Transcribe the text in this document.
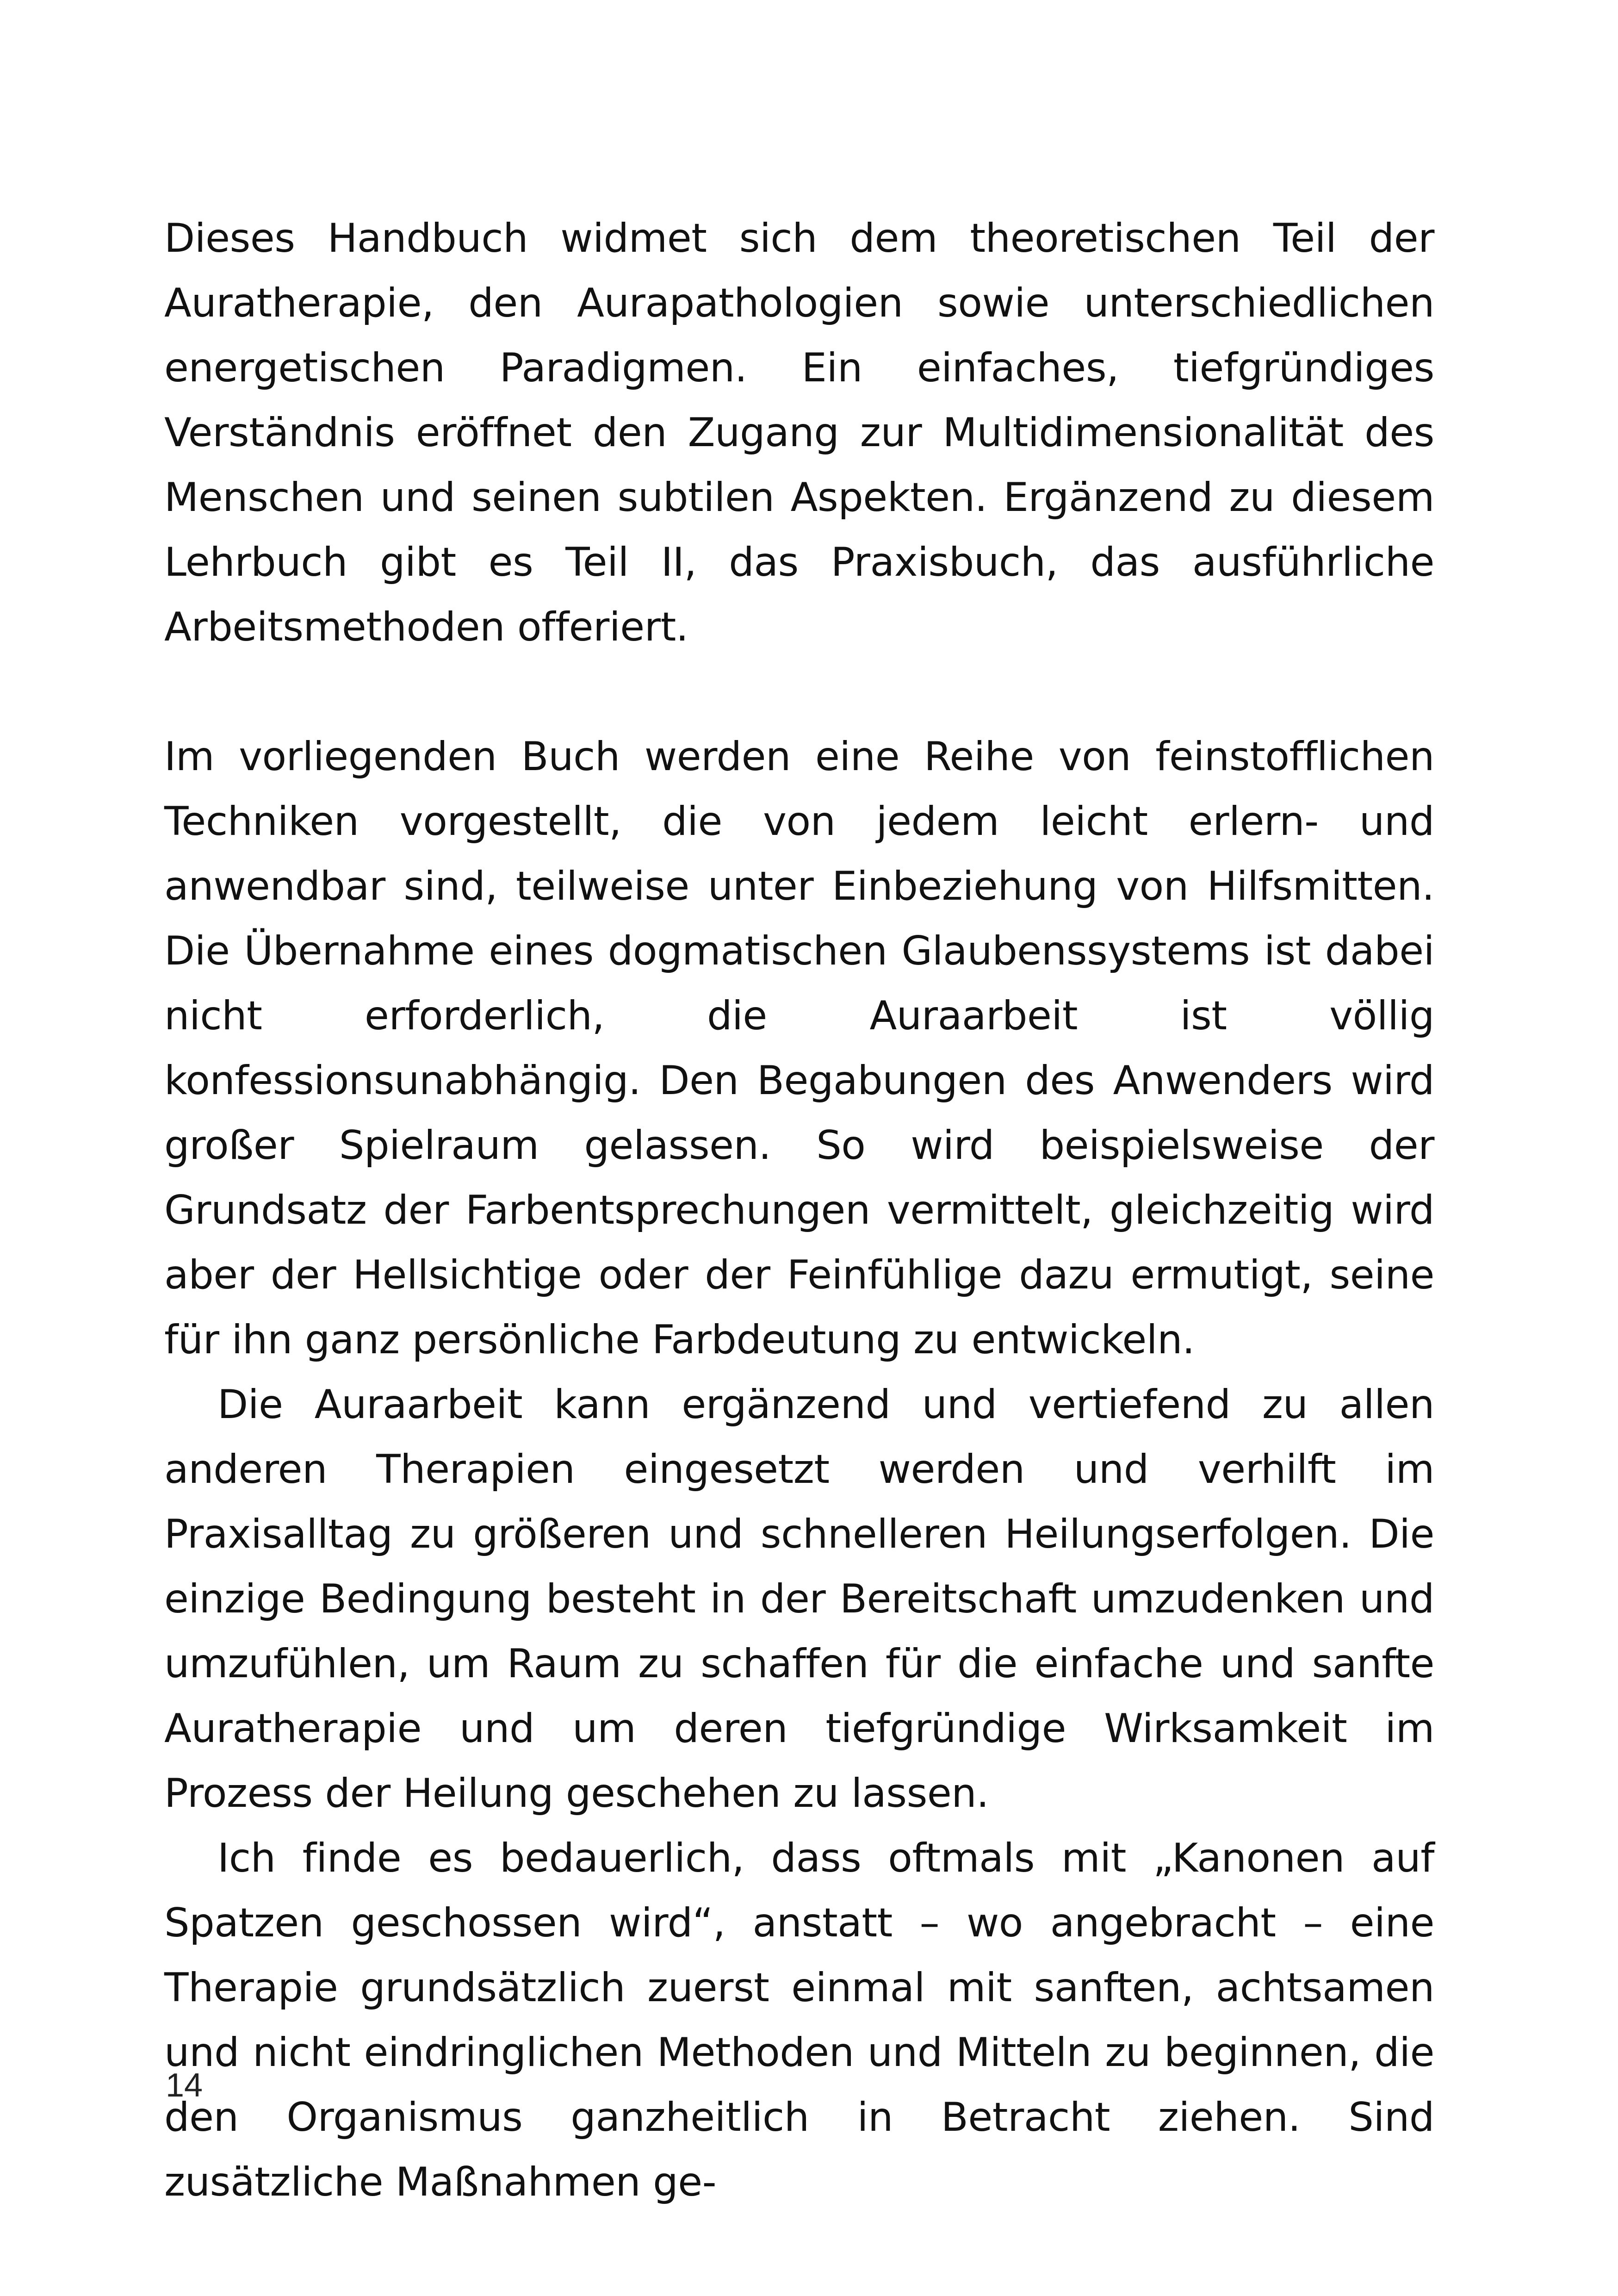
Dieses Handbuch widmet sich dem theoretischen Teil der Auratherapie, den Aurapathologien sowie unterschiedlichen energetischen Paradigmen. Ein einfaches, tiefgründiges Verständnis eröffnet den Zugang zur Multidimensionalität des Menschen und seinen subtilen Aspekten. Ergänzend zu diesem Lehrbuch gibt es Teil II, das Praxisbuch, das ausführliche Arbeitsmethoden offeriert.

Im vorliegenden Buch werden eine Reihe von feinstofflichen Techniken vorgestellt, die von jedem leicht erlern- und anwendbar sind, teilweise unter Einbeziehung von Hilfsmitten. Die Übernahme eines dogmatischen Glaubenssystems ist dabei nicht erforderlich, die Auraarbeit ist völlig konfessionsunabhängig. Den Begabungen des Anwenders wird großer Spielraum gelassen. So wird beispielsweise der Grundsatz der Farbentsprechungen vermittelt, gleichzeitig wird aber der Hellsichtige oder der Feinfühlige dazu ermutigt, seine für ihn ganz persönliche Farbdeutung zu entwickeln.

Die Auraarbeit kann ergänzend und vertiefend zu allen anderen Therapien eingesetzt werden und verhilft im Praxisalltag zu größeren und schnelleren Heilungserfolgen. Die einzige Bedingung besteht in der Bereitschaft umzudenken und umzufühlen, um Raum zu schaffen für die einfache und sanfte Auratherapie und um deren tiefgründige Wirksamkeit im Prozess der Heilung geschehen zu lassen.

Ich finde es bedauerlich, dass oftmals mit „Kanonen auf Spatzen geschossen wird“, anstatt – wo angebracht – eine Therapie grundsätzlich zuerst einmal mit sanften, achtsamen und nicht eindringlichen Methoden und Mitteln zu beginnen, die den Organismus ganzheitlich in Betracht ziehen. Sind zusätzliche Maßnahmen ge-

14
